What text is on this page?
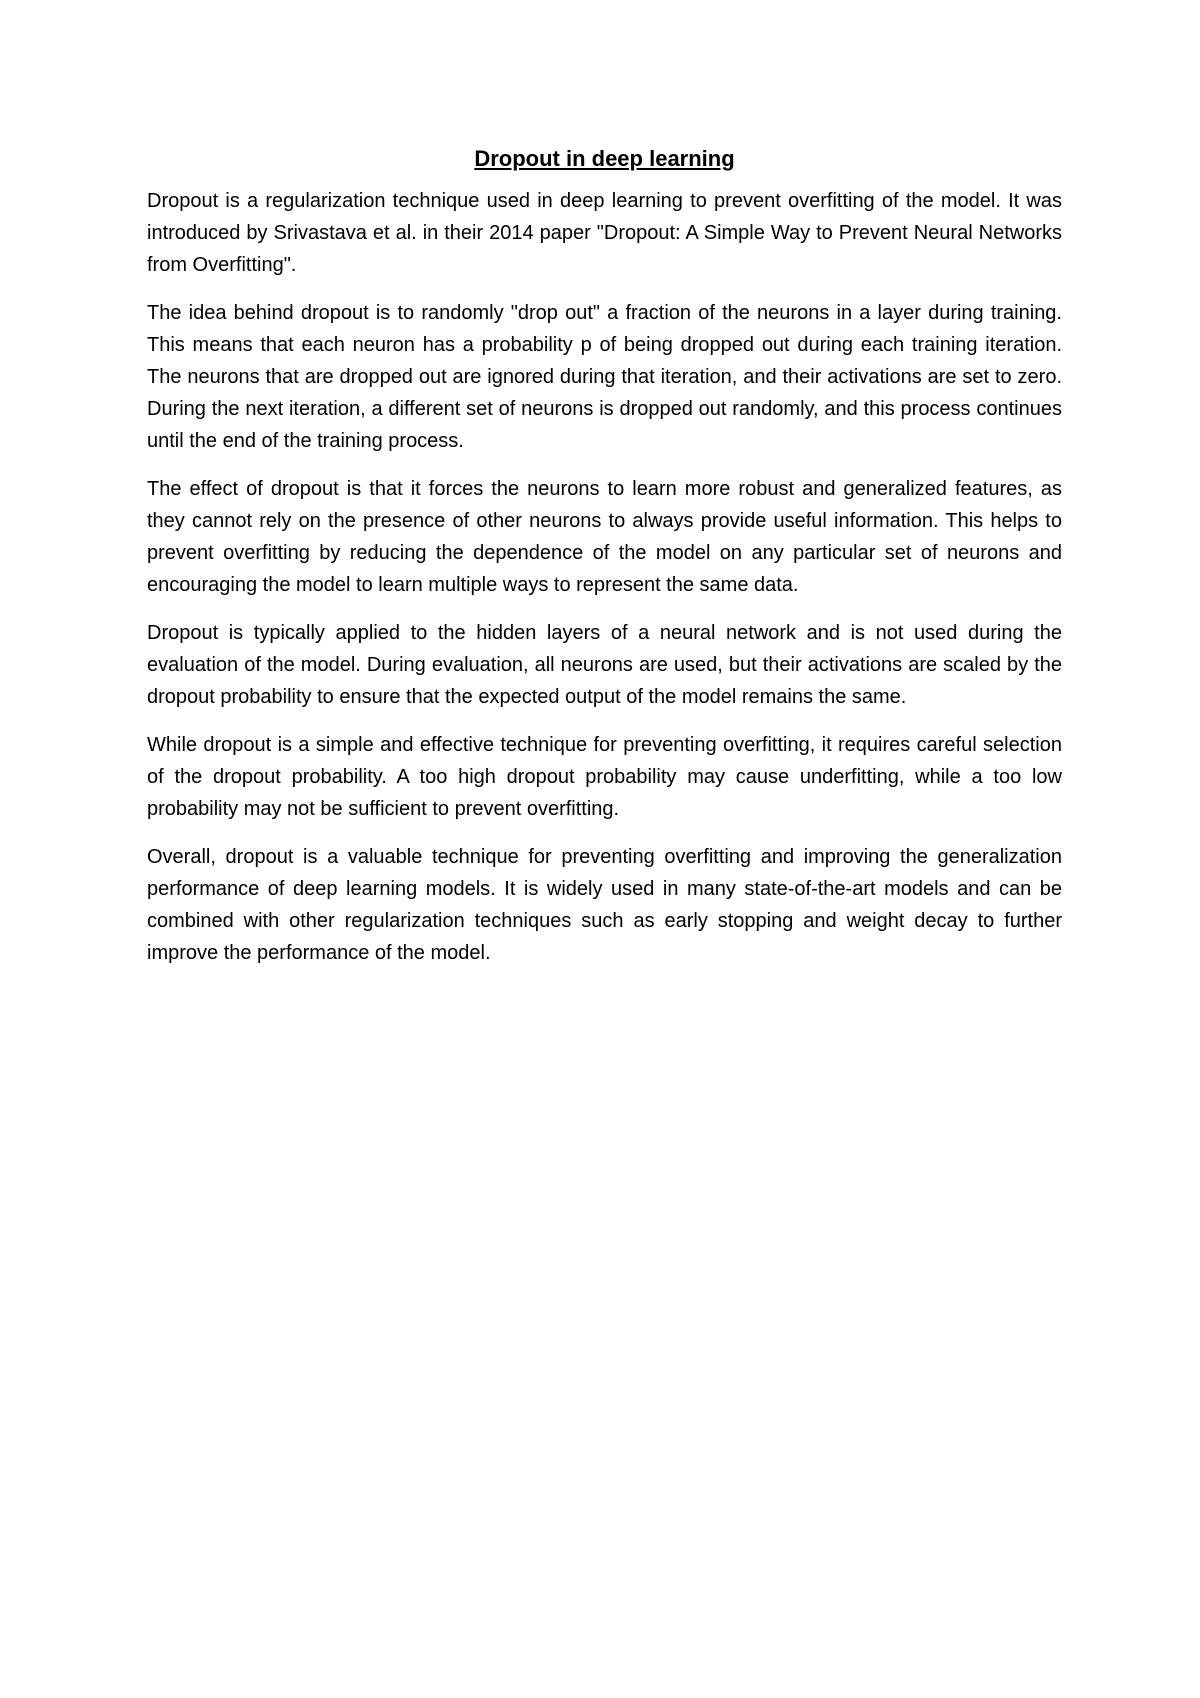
Dropout in deep learning

Dropout is a regularization technique used in deep learning to prevent overfitting of the model. It was introduced by Srivastava et al. in their 2014 paper "Dropout: A Simple Way to Prevent Neural Networks from Overfitting".

The idea behind dropout is to randomly "drop out" a fraction of the neurons in a layer during training. This means that each neuron has a probability p of being dropped out during each training iteration. The neurons that are dropped out are ignored during that iteration, and their activations are set to zero. During the next iteration, a different set of neurons is dropped out randomly, and this process continues until the end of the training process.

The effect of dropout is that it forces the neurons to learn more robust and generalized features, as they cannot rely on the presence of other neurons to always provide useful information. This helps to prevent overfitting by reducing the dependence of the model on any particular set of neurons and encouraging the model to learn multiple ways to represent the same data.

Dropout is typically applied to the hidden layers of a neural network and is not used during the evaluation of the model. During evaluation, all neurons are used, but their activations are scaled by the dropout probability to ensure that the expected output of the model remains the same.

While dropout is a simple and effective technique for preventing overfitting, it requires careful selection of the dropout probability. A too high dropout probability may cause underfitting, while a too low probability may not be sufficient to prevent overfitting.

Overall, dropout is a valuable technique for preventing overfitting and improving the generalization performance of deep learning models. It is widely used in many state-of-the-art models and can be combined with other regularization techniques such as early stopping and weight decay to further improve the performance of the model.
